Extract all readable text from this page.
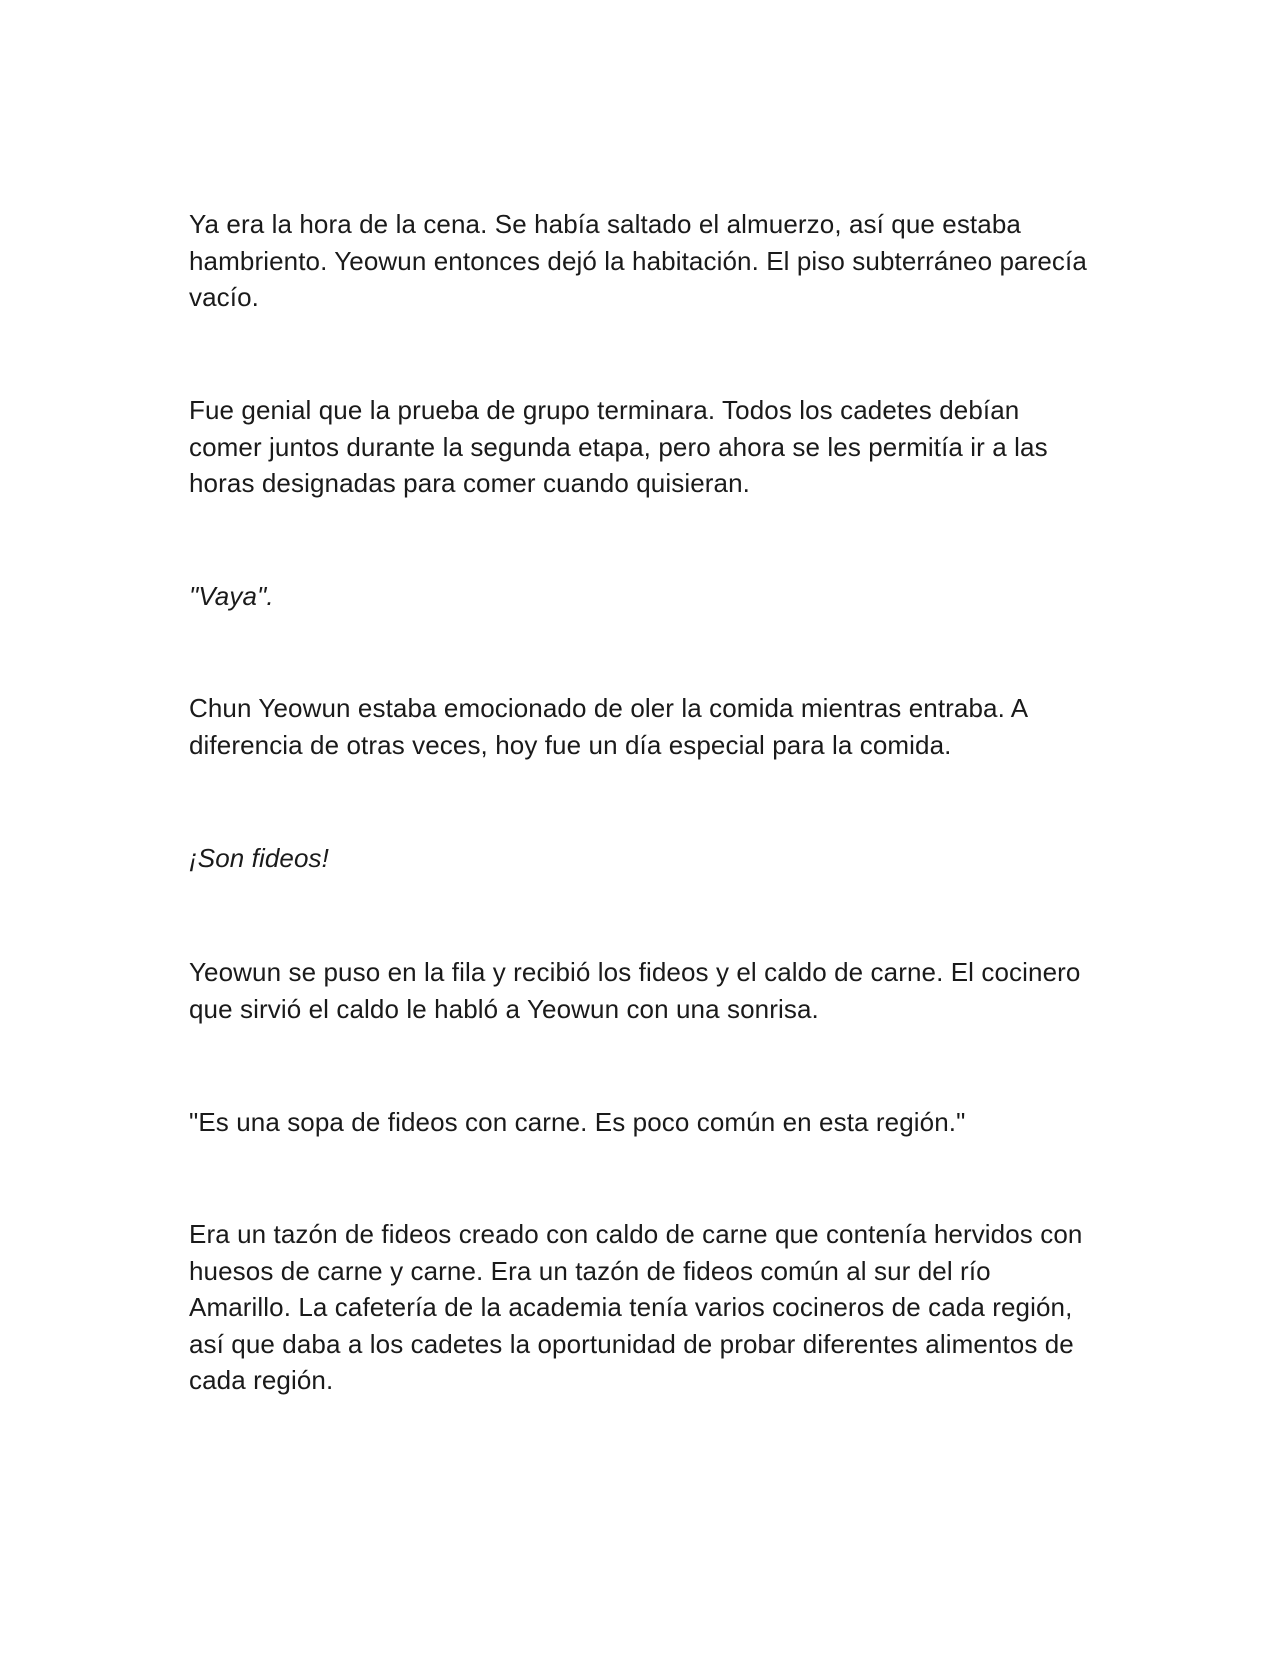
Ya era la hora de la cena. Se había saltado el almuerzo, así que estaba hambriento. Yeowun entonces dejó la habitación. El piso subterráneo parecía vacío.

Fue genial que la prueba de grupo terminara. Todos los cadetes debían comer juntos durante la segunda etapa, pero ahora se les permitía ir a las horas designadas para comer cuando quisieran.

"Vaya".

Chun Yeowun estaba emocionado de oler la comida mientras entraba. A diferencia de otras veces, hoy fue un día especial para la comida.

¡Son fideos!

Yeowun se puso en la fila y recibió los fideos y el caldo de carne. El cocinero que sirvió el caldo le habló a Yeowun con una sonrisa.

"Es una sopa de fideos con carne. Es poco común en esta región."

Era un tazón de fideos creado con caldo de carne que contenía hervidos con huesos de carne y carne. Era un tazón de fideos común al sur del río Amarillo. La cafetería de la academia tenía varios cocineros de cada región, así que daba a los cadetes la oportunidad de probar diferentes alimentos de cada región.
